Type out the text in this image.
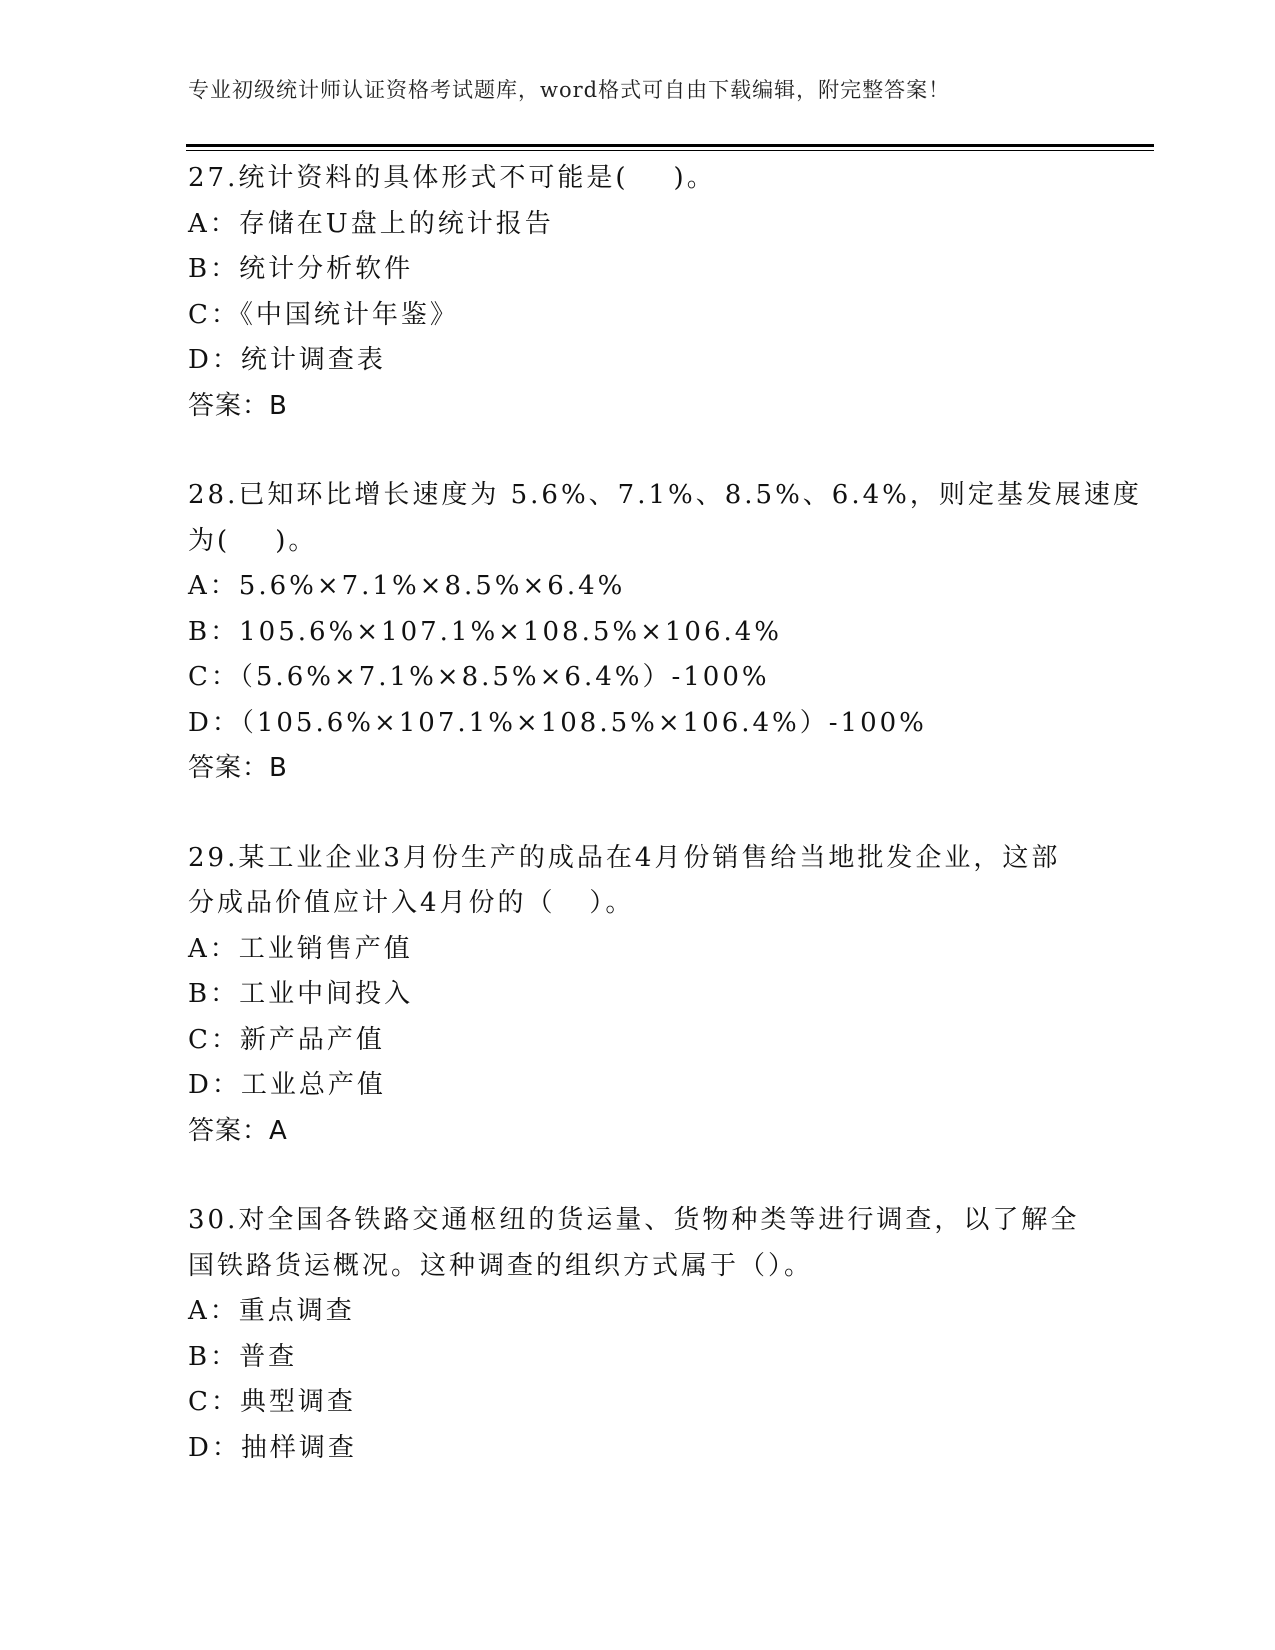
专业初级统计师认证资格考试题库，word格式可自由下载编辑，附完整答案！
27.统计资料的具体形式不可能是(    )。
A：存储在U盘上的统计报告
B：统计分析软件
C：《中国统计年鉴》
D：统计调查表
答案：B
28.已知环比增长速度为 5.6%、7.1%、8.5%、6.4%，则定基发展速度
为(    )。
A：5.6%×7.1%×8.5%×6.4%
B：105.6%×107.1%×108.5%×106.4%
C：（5.6%×7.1%×8.5%×6.4%）-100%
D：（105.6%×107.1%×108.5%×106.4%）-100%
答案：B
29.某工业企业3月份生产的成品在4月份销售给当地批发企业，这部
分成品价值应计入4月份的（   ）。
A：工业销售产值
B：工业中间投入
C：新产品产值
D：工业总产值
答案：A
30.对全国各铁路交通枢纽的货运量、货物种类等进行调查，以了解全
国铁路货运概况。这种调查的组织方式属于（）。
A：重点调查
B：普查
C：典型调查
D：抽样调查
